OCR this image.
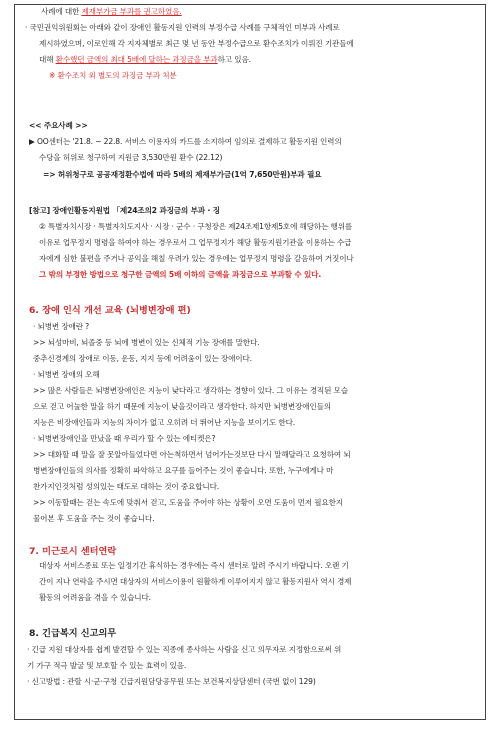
사례에 대한 제재부가금 부과를 권고하였음.
· 국민권익위원회는 아래와 같이 장애인 활동지원 인력의 부정수급 사례를 구체적인 미부과 사례로
제시하였으며, 이로인해 각 지자체별로 최근 몇 년 동안 부정수급으로 환수조치가 이뤄진 기관들에
대해 환수했던 금액의 최대 5배에 달하는 과징금을 부과하고 있음.
※ 환수조치 외 별도의 과징금 부과 처분
<< 주요사례 >>
▶ OO센터는 '21.8. ~ 22.8. 서비스 이용자의 카드를 소지하여 임의로 결제하고 활동지원 인력의
수당을 허위로 청구하여 지원금 3,530만원 환수 (22.12)
=> 허위청구로 공공재정환수법에 따라 5배의 제재부가금(1억 7,650만원)부과 필요
[참고] 장애인활동지원법 「제24조의2 과징금의 부과 · 징
② 특별자치시장 · 특별자치도지사 · 시장 · 군수 · 구청장은 제24조제1항제5호에 해당하는 행위를
이유로 업무정지 명령을 하여야 하는 경우로서 그 업무정지가 해당 활동지원기관을 이용하는 수급
자에게 심한 불편을 주거나 공익을 해칠 우려가 있는 경우에는 업무정지 명령을 갈음하여 거짓이나
그 밖의 부정한 방법으로 청구한 금액의 5배 이하의 금액을 과징금으로 부과할 수 있다.
6. 장애 인식 개선 교육 (뇌병변장애 편)
· 뇌병변 장애란 ?
>> 뇌성마비, 뇌졸중 등 뇌에 병변이 있는 신체적 기능 장애를 말한다.
중추신경계의 장애로 이동, 운동, 지지 등에 어려움이 있는 장애이다.
· 뇌병변 장애의 오해
>> 많은 사람들은 뇌병변장애인은 지능이 낮다라고 생각하는 경향이 있다. 그 이유는 경직된 모습
으로 걷고 어눌한 말을 하기 때문에 지능이 낮을것이라고 생각한다. 하지만 뇌병변장애인들의
지능은 비장애인들과 지능의 차이가 없고 오히려 더 뛰어난 지능을 보이기도 한다.
· 뇌병변장애인을 만났을 때 우리가 할 수 있는 에티켓은?
>> 대화할 때 말을 잘 못알아들었다면 아는척하면서 넘어가는것보단 다시 말해달라고 요청하여 뇌
병변장애인들의 의사를 정확히 파악하고 요구를 들어주는 것이 좋습니다. 또한, 누구에게나 마
찬가지인것처럼 성의있는 태도로 대하는 것이 중요합니다.
>> 이동할때는 걷는 속도에 맞춰서 걷고, 도움을 주어야 하는 상황이 오면 도움이 먼저 필요한지
물어본 후 도움을 주는 것이 좋습니다.
7. 미근로시 센터연락
대상자 서비스종료 또는 일정기간 휴식하는 경우에는 즉시 센터로 알려 주시기 바랍니다. 오랜 기
간이 지나 연락을 주시면 대상자의 서비스이용이 원활하게 이루어지지 않고 활동지원사 역시 경제
활동의 어려움을 겪을 수 있습니다.
8. 긴급복지 신고의무
· 긴급 지원 대상자를 쉽게 발견할 수 있는 직종에 종사하는 사람을 신고 의무자로 지정함으로써 위
기 가구 적극 발굴 및 보호할 수 있는 효력이 있음.
· 신고방법 : 관할 시·군·구청 긴급지원담당공무원 또는 보건복지상담센터 (국번 없이 129)
